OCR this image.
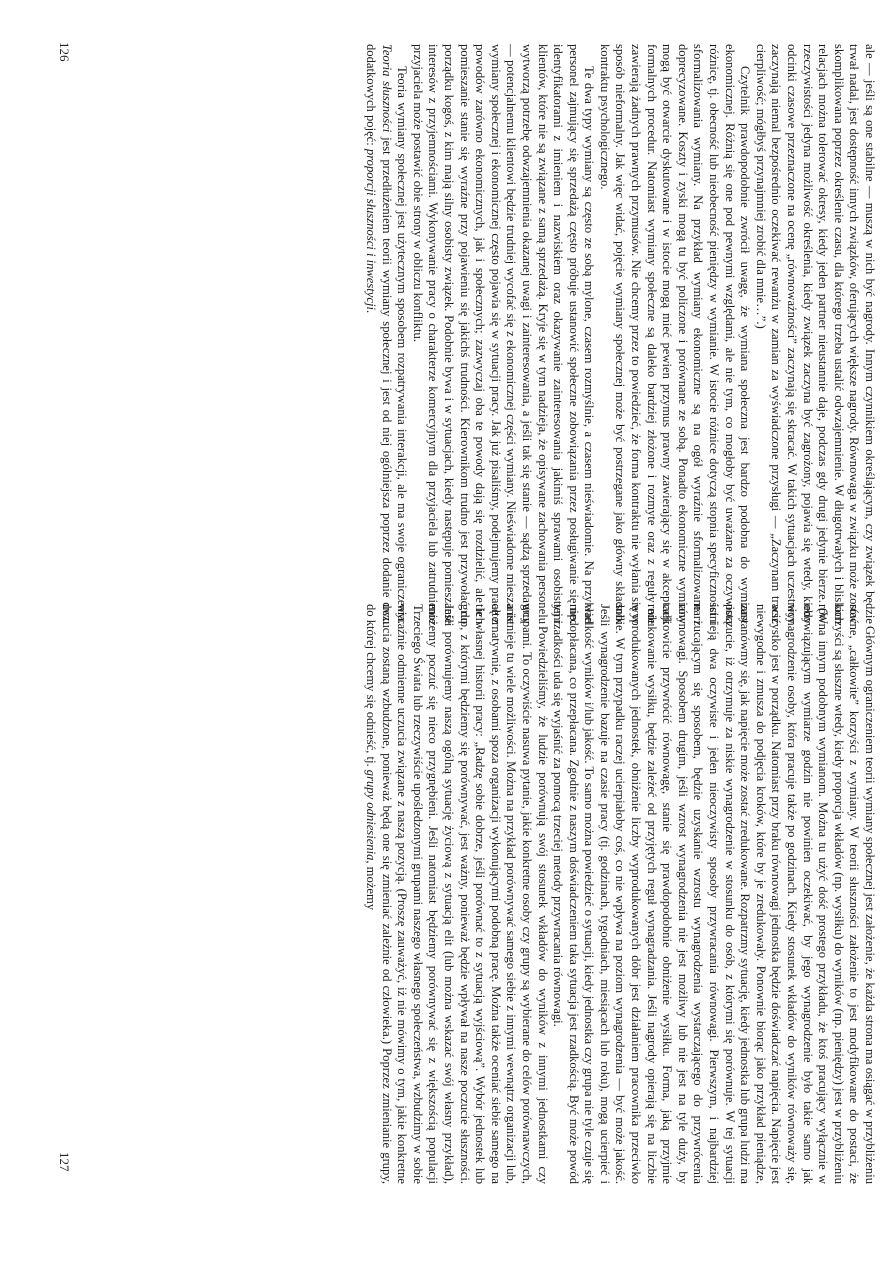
ale — jeśli są one stabilne — muszą w nich być nagrody. Innym czynnikiem określającym, czy związek będzie trwał nadal, jest dostępność innych związków, oferujących większe nagrody. Równowaga w związku może zostać skomplikowana poprzez określenie czasu, dla którego trzeba ustalić odwzajemnienie. W długotrwałych i bliskich relacjach można tolerować okresy, kiedy jeden partner nieustannie daje, podczas gdy drugi jedynie bierze. (W rzeczywistości jedyna możliwość określenia, kiedy związek zaczyna być zagrożony, pojawia się wtedy, kiedy odcinki czasowe przeznaczone na ocenę „równoważności” zaczynają się skracać. W takich sytuacjach uczestnicy zaczynają niemal bezpośrednio oczekiwać rewanżu w zamian za wyświadczone przysługi — „Zaczynam tracić cierpliwość; mógłbyś przynajmniej zrobić dla mnie…”.)

Czytelnik prawdopodobnie zwrócił uwagę, że wymiana społeczna jest bardzo podobna do wymiany ekonomicznej. Różnią się one pod pewnymi względami, ale nie tym, co mogłoby być uważane za oczywistą różnicę, tj. obecność lub nieobecność pieniędzy w wymianie. W istocie różnice dotyczą stopnia specyficzności i sformalizowania wymiany. Na przykład wymiany ekonomiczne są na ogół wyraźnie sformalizowane i doprecyzowane. Koszty i zyski mogą tu być policzone i porównane ze sobą. Ponadto ekonomiczne wymiany mogą być otwarcie dyskutowane i w istocie mogą mieć pewien przymus prawny zawierający się w akceptacji formalnych procedur. Natomiast wymiany społeczne są daleko bardziej złożone i rozmyte oraz z reguły nie zawierają żadnych prawnych przymusów. Nie chcemy przez to powiedzieć, że forma kontraktu nie wyłania się w sposób nieformalny. Jak więc widać, pojęcie wymiany społecznej może być postrzegane jako główny składnik kontraktu psychologicznego.

Te dwa typy wymiany są często ze sobą mylone, czasem rozmyślnie, a czasem nieświadomie. Na przykład personel zajmujący się sprzedażą często próbuje ustanowić społeczne zobowiązania przez posługiwanie się np. identyfikatorami z imieniem i nazwiskiem oraz okazywanie zainteresowania jakimiś sprawami osobistymi klientów, które nie są związane z samą sprzedażą. Kryje się w tym nadzieja, że opisywane zachowania personelu wytworzą potrzebę odwzajemnienia okazanej uwagi i zainteresowania, a jeśli tak się stanie — sądzą sprzedawcy — potencjalnemu klientowi będzie trudniej wycofać się z ekonomicznej części wymiany. Nieświadome mieszanie wymiany społecznej i ekonomicznej często pojawia się w sytuacji pracy. Jak już pisaliśmy, podejmujemy pracę z powodów zarówno ekonomicznych, jak i społecznych; zazwyczaj oba te powody dają się rozdzielić, ale ich pomieszanie stanie się wyraźne przy pojawieniu się jakichś trudności. Kierownikom trudno jest przywołać do porządku kogoś, z kim mają silny osobisty związek. Podobnie bywa i w sytuacjach, kiedy następuje pomieszanie interesów z przyjemnościami. Wykonywanie pracy o charakterze komercyjnym dla przyjaciela lub zatrudnienie przyjaciela może postawić obie strony w obliczu konfliktu.

Teoria wymiany społecznej jest użytecznym sposobem rozpatrywania interakcji, ale ma swoje ograniczenia. Teoria słuszności jest przedłużeniem teorii wymiany społecznej i jest od niej ogólniejsza poprzez dodanie dwu dodatkowych pojęć: proporcji słuszności i inwestycji.

Głównym ograniczeniem teorii wymiany społecznej jest założenie, że każda strona ma osiągać w przybliżeniu równe, „całkowite” korzyści z wymiany. W teorii słuszności założenie to jest modyfikowane do postaci, że korzyści są słuszne wtedy, kiedy proporcja wkładów (np. wysiłku) do wyników (np. pieniędzy) jest w przybliżeniu równa innym podobnym wymianom. Można tu użyć dość prostego przykładu, że ktoś pracujący wyłącznie w obowiązującym wymiarze godzin nie powinien oczekiwać, by jego wynagrodzenie było takie samo jak wynagrodzenie osoby, która pracuje także po godzinach. Kiedy stosunek wkładów do wyników równoważy się, wszystko jest w porządku. Natomiast przy braku równowagi jednostka będzie doświadczać napięcia. Napięcie jest niewygodne i zmusza do podjęcia kroków, które by je zredukowały. Ponownie biorąc jako przykład pieniądze, zastanówmy się, jak napięcie może zostać zredukowane. Rozpatrzmy sytuację, kiedy jednostka lub grupa ludzi ma poczucie, iż otrzymuje za niskie wynagrodzenie w stosunku do osób, z którymi się porównuje. W tej sytuacji istnieją dwa oczywiste i jeden nieoczywisty sposoby przywracania równowagi. Pierwszym, i najbardziej narzucającym się sposobem, będzie uzyskanie wzrostu wynagrodzenia wystarczającego do przywrócenia równowagi. Sposobem drugim, jeśli wzrost wynagrodzenia nie jest możliwy lub nie jest na tyle duży, by całkowicie przywrócić równowagę, stanie się prawdopodobnie obniżenie wysiłku. Forma, jaką przyjmie redukowanie wysiłku, będzie zależeć od przyjętych reguł wynagradzania. Jeśli nagrody opierają się na liczbie wyprodukowanych jednostek, obniżenie liczby wyprodukowanych dóbr jest działaniem pracownika przeciwko sobie. W tym przypadku raczej ucierpiałoby coś, co nie wpływa na poziom wynagrodzenia — być może jakość. Jeśli wynagrodzenie bazuje na czasie pracy (tj. godzinach, tygodniach, miesiącach lub roku), mogą ucierpieć i wielkość wyników i/lub jakość. To samo można powiedzieć o sytuacji, kiedy jednostka czy grupa nie tyle czuje się niedopłacana, co przepłacana. Zgodnie z naszym doświadczeniem taka sytuacja jest rzadkością. Być może powód tej rzadkości uda się wyjaśnić za pomocą trzeciej metody przywracania równowagi.

Powiedzieliśmy, że ludzie porównują swój stosunek wkładów do wyników z innymi jednostkami czy grupami. To oczywiście nasuwa pytanie, jakie konkretne osoby czy grupy są wybierane do celów porównawczych, a istnieje tu wiele możliwości. Można na przykład porównywać samego siebie z innymi wewnątrz organizacji lub, alternatywnie, z osobami spoza organizacji wykonującymi podobną pracę. Można także oceniać siebie samego na tle własnej historii pracy: „Radzę sobie dobrze, jeśli porównać to z sytuacją wyjściową”. Wybór jednostek lub grup, z którymi będziemy się porównywać, jest ważny, ponieważ będzie wpływał na nasze poczucie słuszności. Jeśli porównujemy naszą ogólną sytuację życiową z sytuacją elit (lub można wskazać swój własny przykład), możemy poczuć się nieco przygnębieni. Jeśli natomiast będziemy porównywać się z większością populacji Trzeciego Świata lub rzeczywiście upośledzonymi grupami naszego własnego społeczeństwa, wzbudzimy w sobie wyraźnie odmienne uczucia związane z naszą pozycją. (Proszę zauważyć, iż nie mówimy o tym, jakie konkretne uczucia zostaną wzbudzone, ponieważ będą one się zmieniać zależnie od człowieka.) Poprzez zmienianie grupy, do której chcemy się odnieść, tj. grupy odniesienia, możemy

126
127
